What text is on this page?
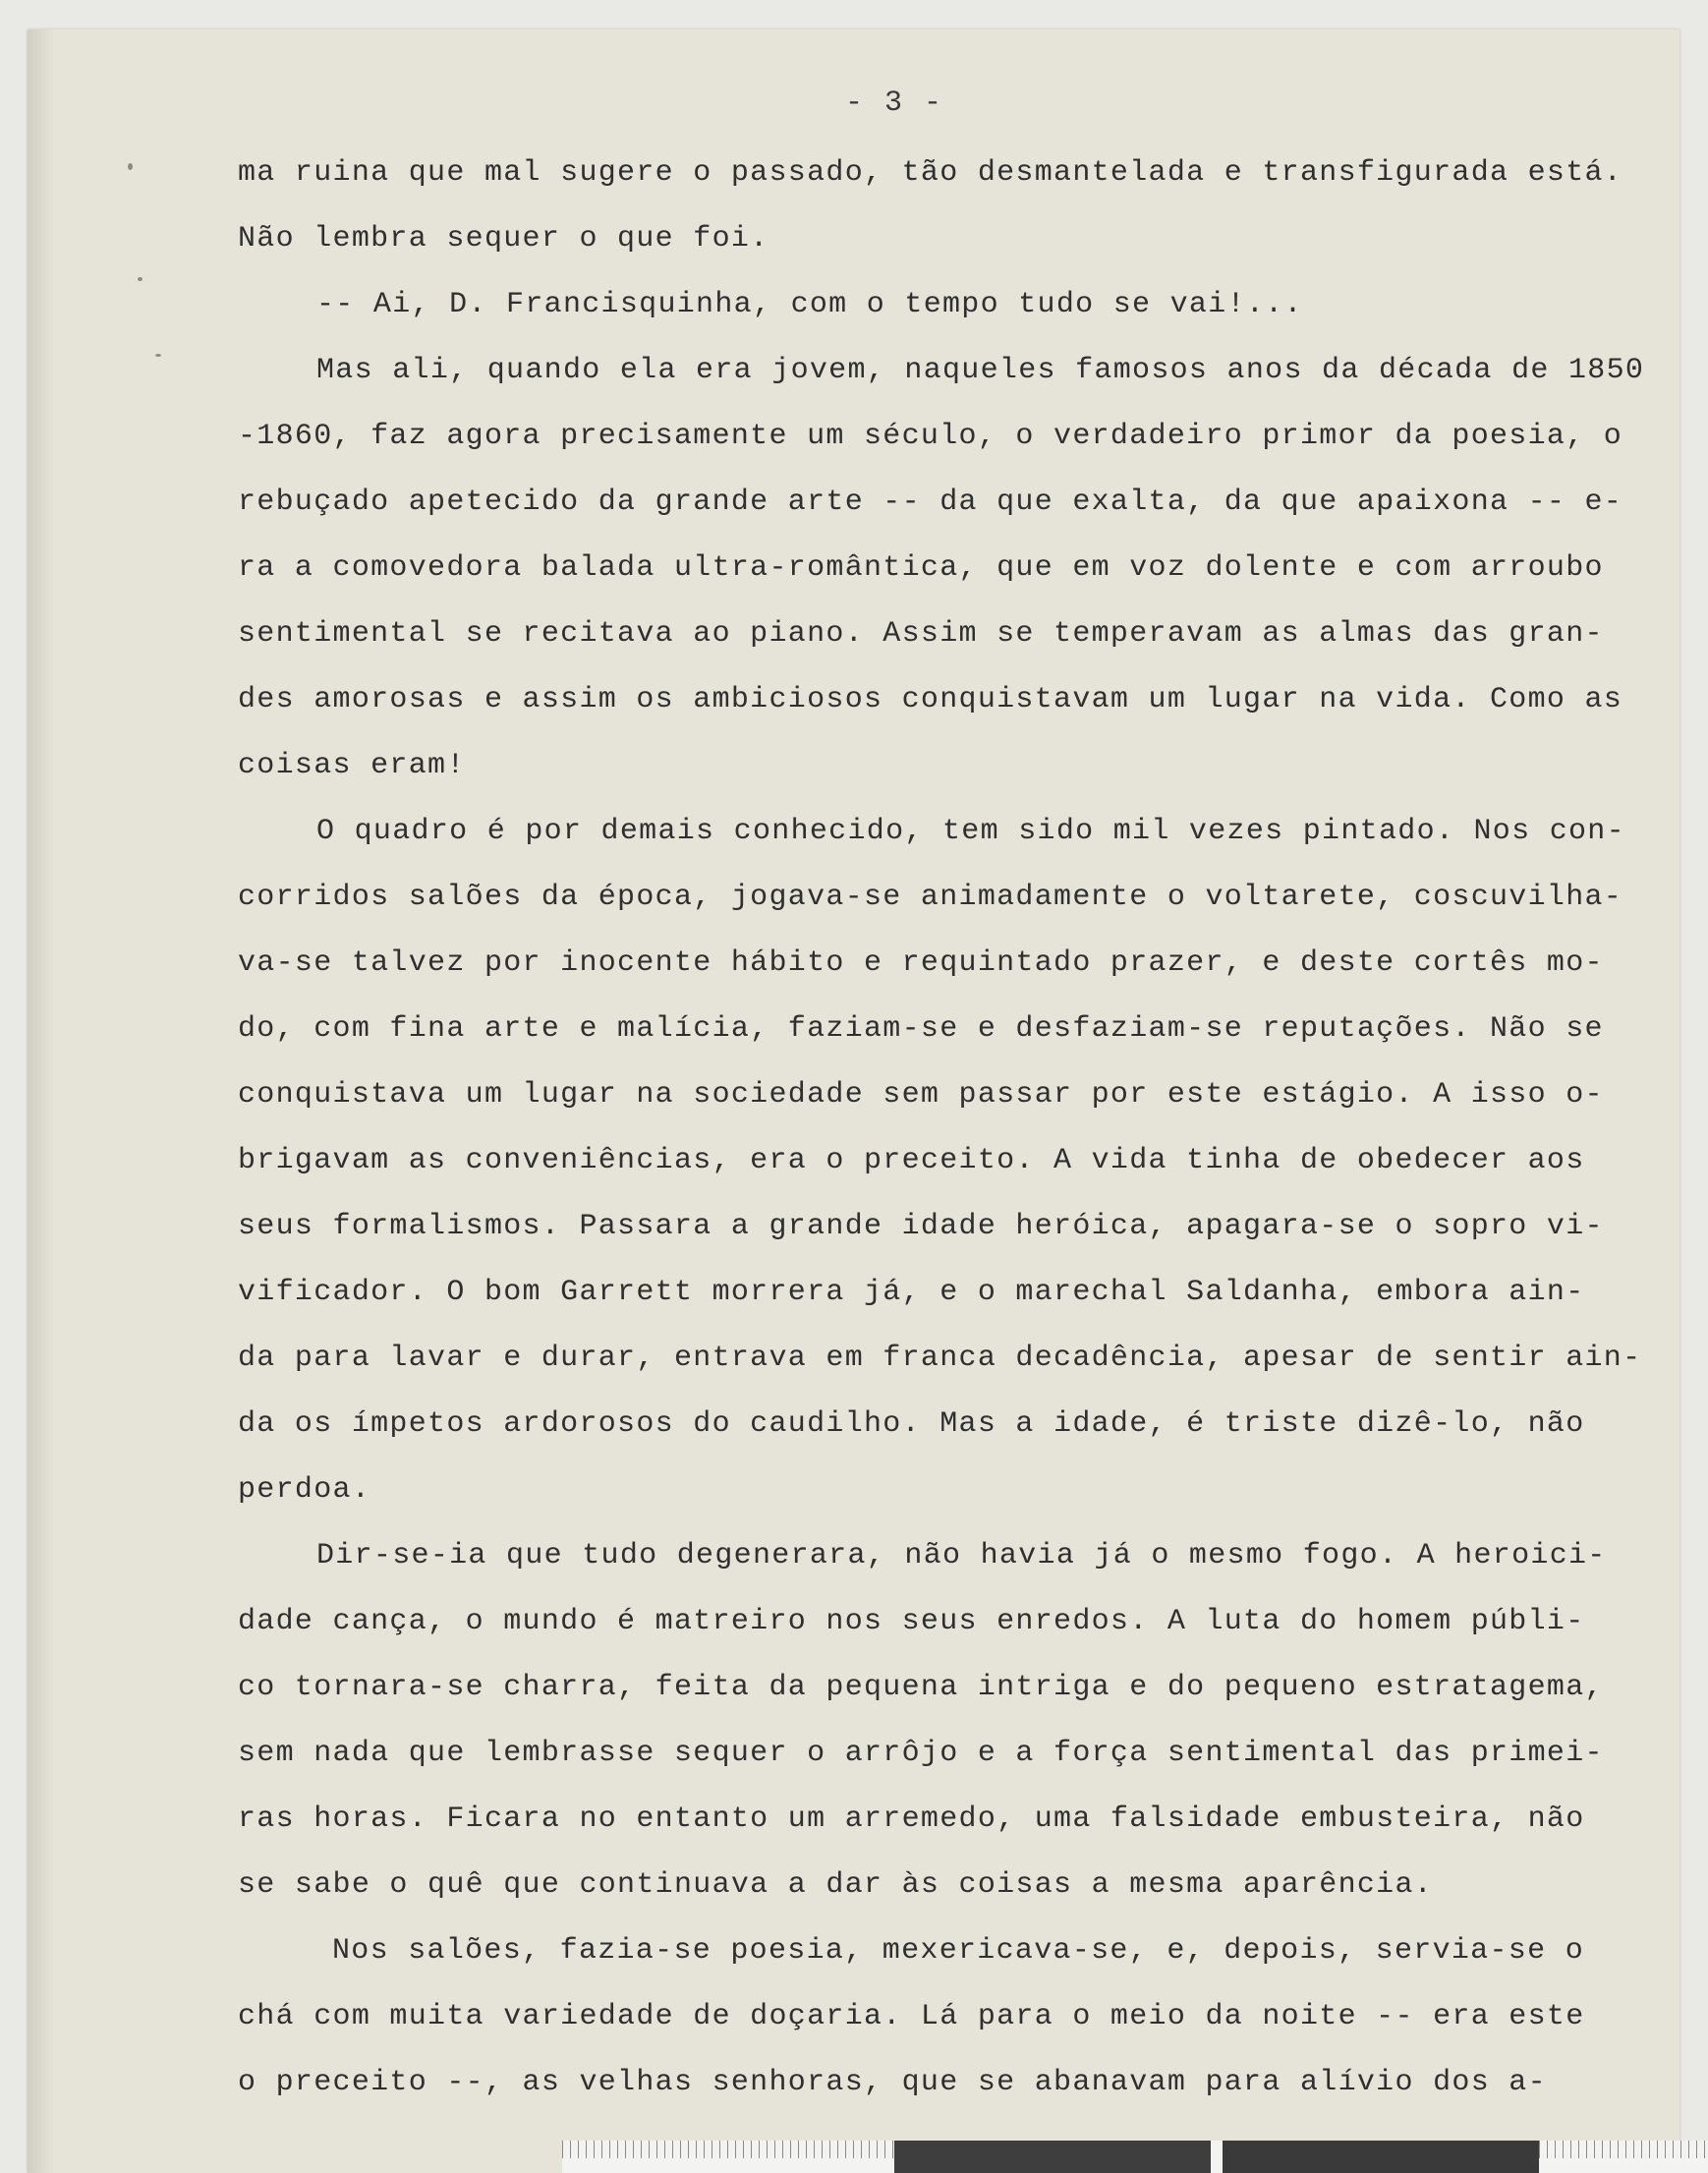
- 3 -
ma ruina que mal sugere o passado, tão desmantelada e transfigurada está.
Não lembra sequer o que foi.
-- Ai, D. Francisquinha, com o tempo tudo se vai!...
Mas ali, quando ela era jovem, naqueles famosos anos da década de 1850
-1860, faz agora precisamente um século, o verdadeiro primor da poesia, o
rebuçado apetecido da grande arte -- da que exalta, da que apaixona -- e-
ra a comovedora balada ultra-romântica, que em voz dolente e com arroubo
sentimental se recitava ao piano. Assim se temperavam as almas das gran-
des amorosas e assim os ambiciosos conquistavam um lugar na vida. Como as
coisas eram!
O quadro é por demais conhecido, tem sido mil vezes pintado. Nos con-
corridos salões da época, jogava-se animadamente o voltarete, coscuvilha-
va-se talvez por inocente hábito e requintado prazer, e deste cortês mo-
do, com fina arte e malícia, faziam-se e desfaziam-se reputações. Não se
conquistava um lugar na sociedade sem passar por este estágio. A isso o-
brigavam as conveniências, era o preceito. A vida tinha de obedecer aos
seus formalismos. Passara a grande idade heróica, apagara-se o sopro vi-
vificador. O bom Garrett morrera já, e o marechal Saldanha, embora ain-
da para lavar e durar, entrava em franca decadência, apesar de sentir ain-
da os ímpetos ardorosos do caudilho. Mas a idade, é triste dizê-lo, não
perdoa.
Dir-se-ia que tudo degenerara, não havia já o mesmo fogo. A heroici-
dade cança, o mundo é matreiro nos seus enredos. A luta do homem públi-
co tornara-se charra, feita da pequena intriga e do pequeno estratagema,
sem nada que lembrasse sequer o arrôjo e a força sentimental das primei-
ras horas. Ficara no entanto um arremedo, uma falsidade embusteira, não
se sabe o quê que continuava a dar às coisas a mesma aparência.
Nos salões, fazia-se poesia, mexericava-se, e, depois, servia-se o
chá com muita variedade de doçaria. Lá para o meio da noite -- era este
o preceito --, as velhas senhoras, que se abanavam para alívio dos a-
